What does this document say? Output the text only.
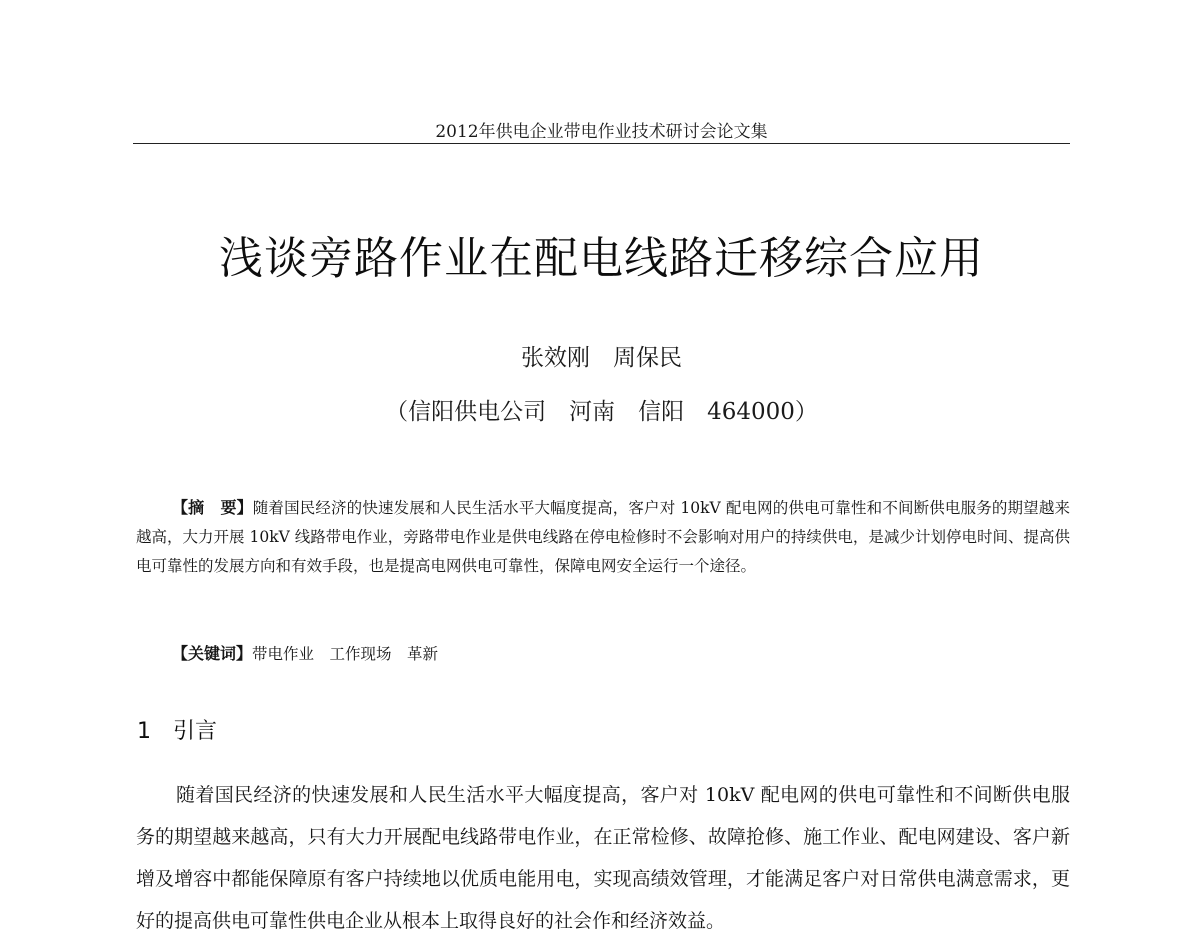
2012年供电企业带电作业技术研讨会论文集
浅谈旁路作业在配电线路迁移综合应用
张效刚　周保民
（信阳供电公司　河南　信阳　464000）
【摘　要】随着国民经济的快速发展和人民生活水平大幅度提高，客户对 10kV 配电网的供电可靠性和不间断供电服务的期望越来越高，大力开展 10kV 线路带电作业，旁路带电作业是供电线路在停电检修时不会影响对用户的持续供电，是减少计划停电时间、提高供电可靠性的发展方向和有效手段，也是提高电网供电可靠性，保障电网安全运行一个途径。
【关键词】带电作业　工作现场　革新
1　引言
随着国民经济的快速发展和人民生活水平大幅度提高，客户对 10kV 配电网的供电可靠性和不间断供电服务的期望越来越高，只有大力开展配电线路带电作业，在正常检修、故障抢修、施工作业、配电网建设、客户新增及增容中都能保障原有客户持续地以优质电能用电，实现高绩效管理，才能满足客户对日常供电满意需求，更好的提高供电可靠性供电企业从根本上取得良好的社会作和经济效益。
